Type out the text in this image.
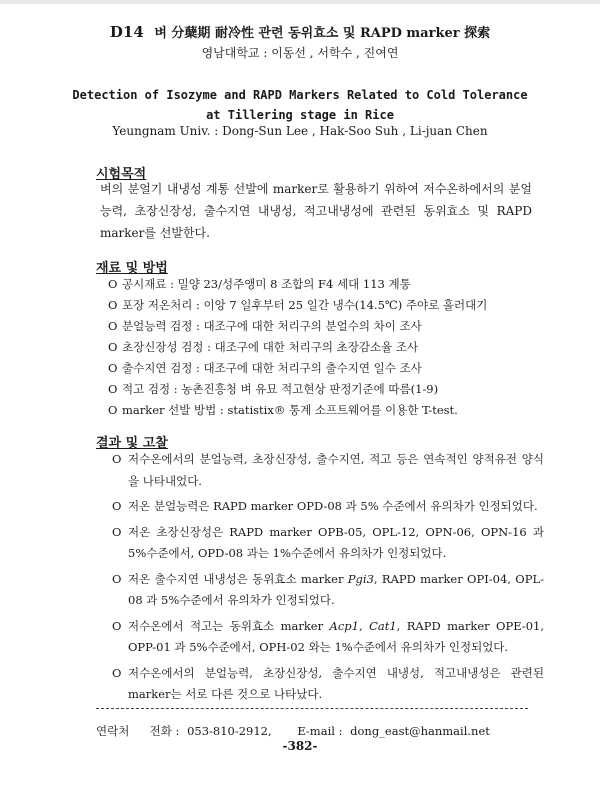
D14 벼 分蘖期 耐冷性 관련 동위효소 및 RAPD marker 探索
영남대학교 : 이동선 , 서학수 , 진여연
Detection of Isozyme and RAPD Markers Related to Cold Tolerance
at Tillering stage in Rice
Yeungnam Univ. : Dong-Sun Lee , Hak-Soo Suh , Li-juan Chen
시험목적
벼의 분얼기 내냉성 계통 선발에 marker로 활용하기 위하여 저수온하에서의 분얼능력, 초장신장성, 출수지연 내냉성, 적고내냉성에 관련된 동위효소 및 RAPD marker를 선발한다.
재료 및 방법
O 공시재료 : 밀양 23/성주앵미 8 조합의 F4 세대 113 계통
O 포장 저온처리 : 이앙 7 일후부터 25 일간 냉수(14.5℃) 주야로 흘러대기
O 분얼능력 검정 : 대조구에 대한 처리구의 분얼수의 차이 조사
O 초장신장성 검정 : 대조구에 대한 처리구의 초장감소율 조사
O 출수지연 검정 : 대조구에 대한 처리구의 출수지연 일수 조사
O 적고 검정 : 농촌진흥청 벼 유묘 적고현상 판정기준에 따름(1-9)
O marker 선발 방법 : statistix® 통계 소프트웨어를 이용한 T-test.
결과 및 고찰
O 저수온에서의 분얼능력, 초장신장성, 출수지연, 적고 등은 연속적인 양적유전 양식을 나타내었다.
O 저온 분얼능력은 RAPD marker OPD-08 과 5% 수준에서 유의차가 인정되었다.
O 저온 초장신장성은 RAPD marker OPB-05, OPL-12, OPN-06, OPN-16 과 5%수준에서, OPD-08 과는 1%수준에서 유의차가 인정되었다.
O 저온 출수지연 내냉성은 동위효소 marker Pgi3, RAPD marker OPI-04, OPL-08 과 5%수준에서 유의차가 인정되었다.
O 저수온에서 적고는 동위효소 marker Acp1, Cat1, RAPD marker OPE-01, OPP-01 과 5%수준에서, OPH-02 와는 1%수준에서 유의차가 인정되었다.
O 저수온에서의 분얼능력, 초장신장성, 출수지연 내냉성, 적고내냉성은 관련된 marker는 서로 다른 것으로 나타났다.
연락처 전화 : 053-810-2912, E-mail : dong_east@hanmail.net
-382-
